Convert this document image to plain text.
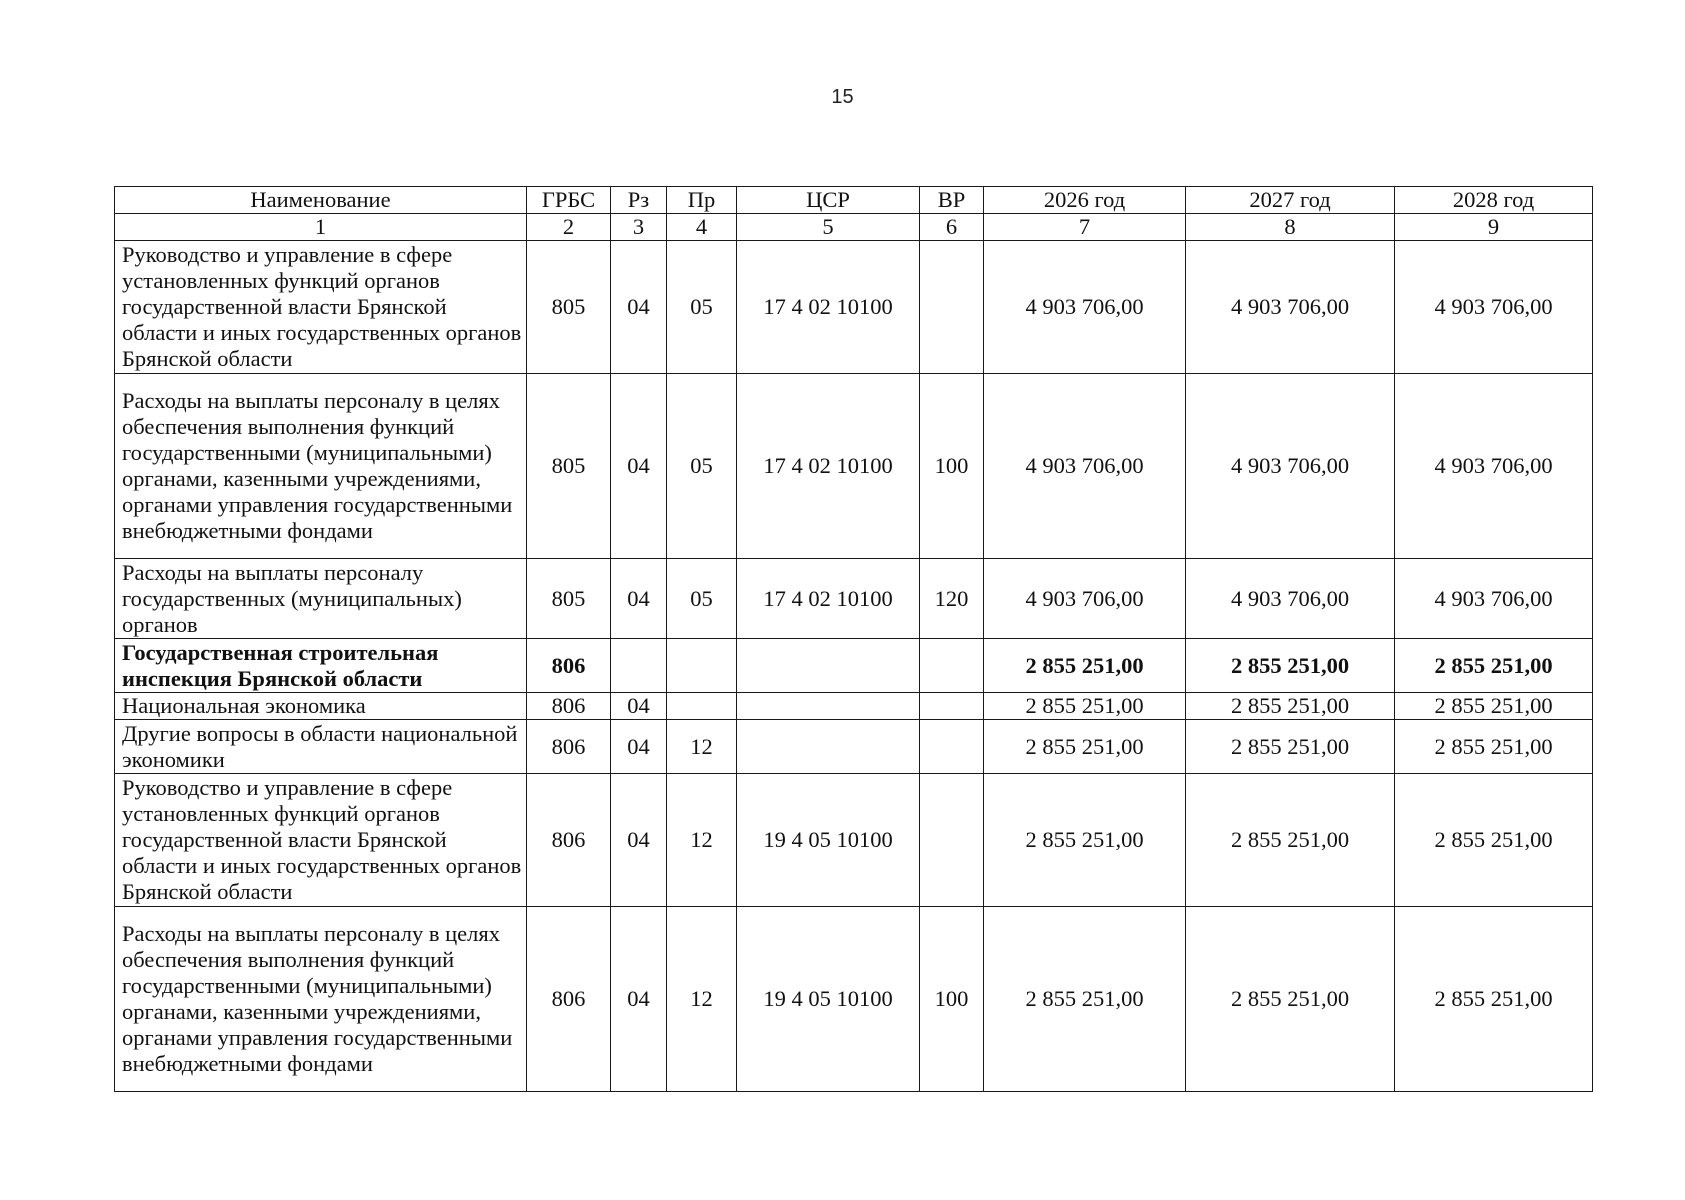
15
Наименование	ГРБС	Рз	Пр	ЦСР	ВР	2026 год	2027 год	2028 год
1	2	3	4	5	6	7	8	9
Руководство и управление в сфере установленных функций органов государственной власти Брянской области и иных государственных органов Брянской области	805	04	05	17 4 02 10100		4 903 706,00	4 903 706,00	4 903 706,00
Расходы на выплаты персоналу в целях обеспечения выполнения функций государственными (муниципальными) органами, казенными учреждениями, органами управления государственными внебюджетными фондами	805	04	05	17 4 02 10100	100	4 903 706,00	4 903 706,00	4 903 706,00
Расходы на выплаты персоналу государственных (муниципальных) органов	805	04	05	17 4 02 10100	120	4 903 706,00	4 903 706,00	4 903 706,00
Государственная строительная инспекция Брянской области	806					2 855 251,00	2 855 251,00	2 855 251,00
Национальная экономика	806	04				2 855 251,00	2 855 251,00	2 855 251,00
Другие вопросы в области национальной экономики	806	04	12			2 855 251,00	2 855 251,00	2 855 251,00
Руководство и управление в сфере установленных функций органов государственной власти Брянской области и иных государственных органов Брянской области	806	04	12	19 4 05 10100		2 855 251,00	2 855 251,00	2 855 251,00
Расходы на выплаты персоналу в целях обеспечения выполнения функций государственными (муниципальными) органами, казенными учреждениями, органами управления государственными внебюджетными фондами	806	04	12	19 4 05 10100	100	2 855 251,00	2 855 251,00	2 855 251,00
